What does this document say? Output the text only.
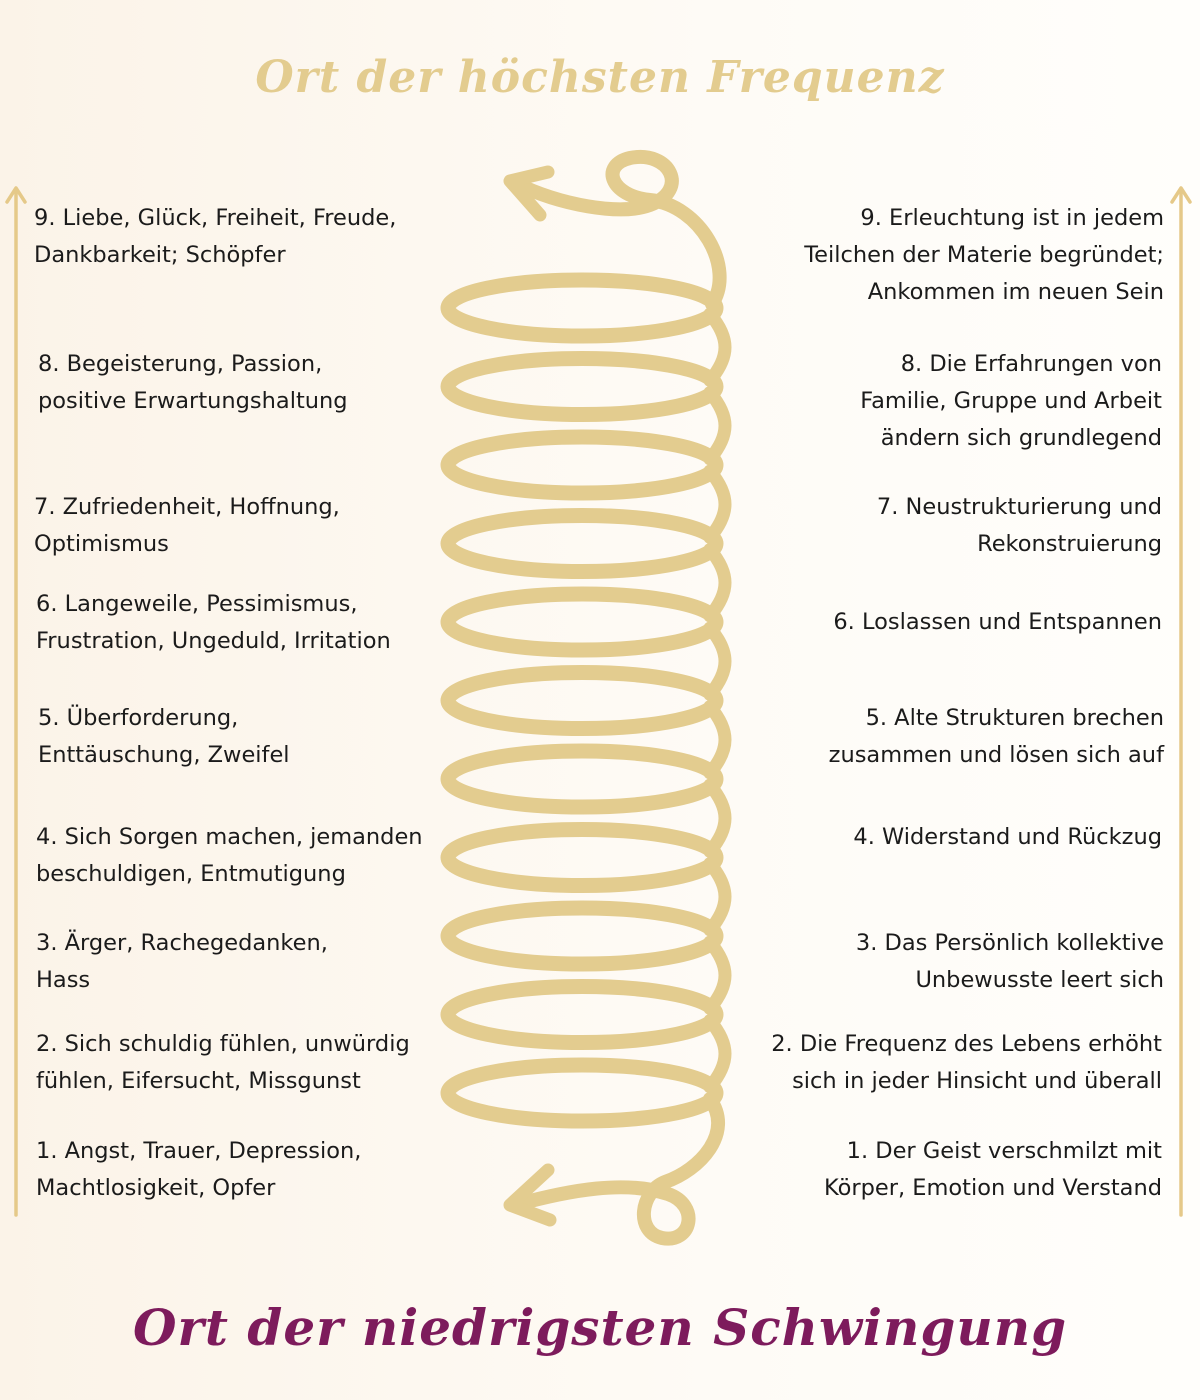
Ort der höchsten Frequenz
Ort der niedrigsten Schwingung
9. Liebe, Glück, Freiheit, Freude,
Dankbarkeit; Schöpfer
8. Begeisterung, Passion,
positive Erwartungshaltung
7. Zufriedenheit, Hoffnung,
Optimismus
6. Langeweile, Pessimismus,
Frustration, Ungeduld, Irritation
5. Überforderung,
Enttäuschung, Zweifel
4. Sich Sorgen machen, jemanden
beschuldigen, Entmutigung
3. Ärger, Rachegedanken,
Hass
2. Sich schuldig fühlen, unwürdig
fühlen, Eifersucht, Missgunst
1. Angst, Trauer, Depression,
Machtlosigkeit, Opfer
9. Erleuchtung ist in jedem
Teilchen der Materie begründet;
Ankommen im neuen Sein
8. Die Erfahrungen von
Familie, Gruppe und Arbeit
ändern sich grundlegend
7. Neustrukturierung und
Rekonstruierung
6. Loslassen und Entspannen
5. Alte Strukturen brechen
zusammen und lösen sich auf
4. Widerstand und Rückzug
3. Das Persönlich kollektive
Unbewusste leert sich
2. Die Frequenz des Lebens erhöht
sich in jeder Hinsicht und überall
1. Der Geist verschmilzt mit
Körper, Emotion und Verstand
